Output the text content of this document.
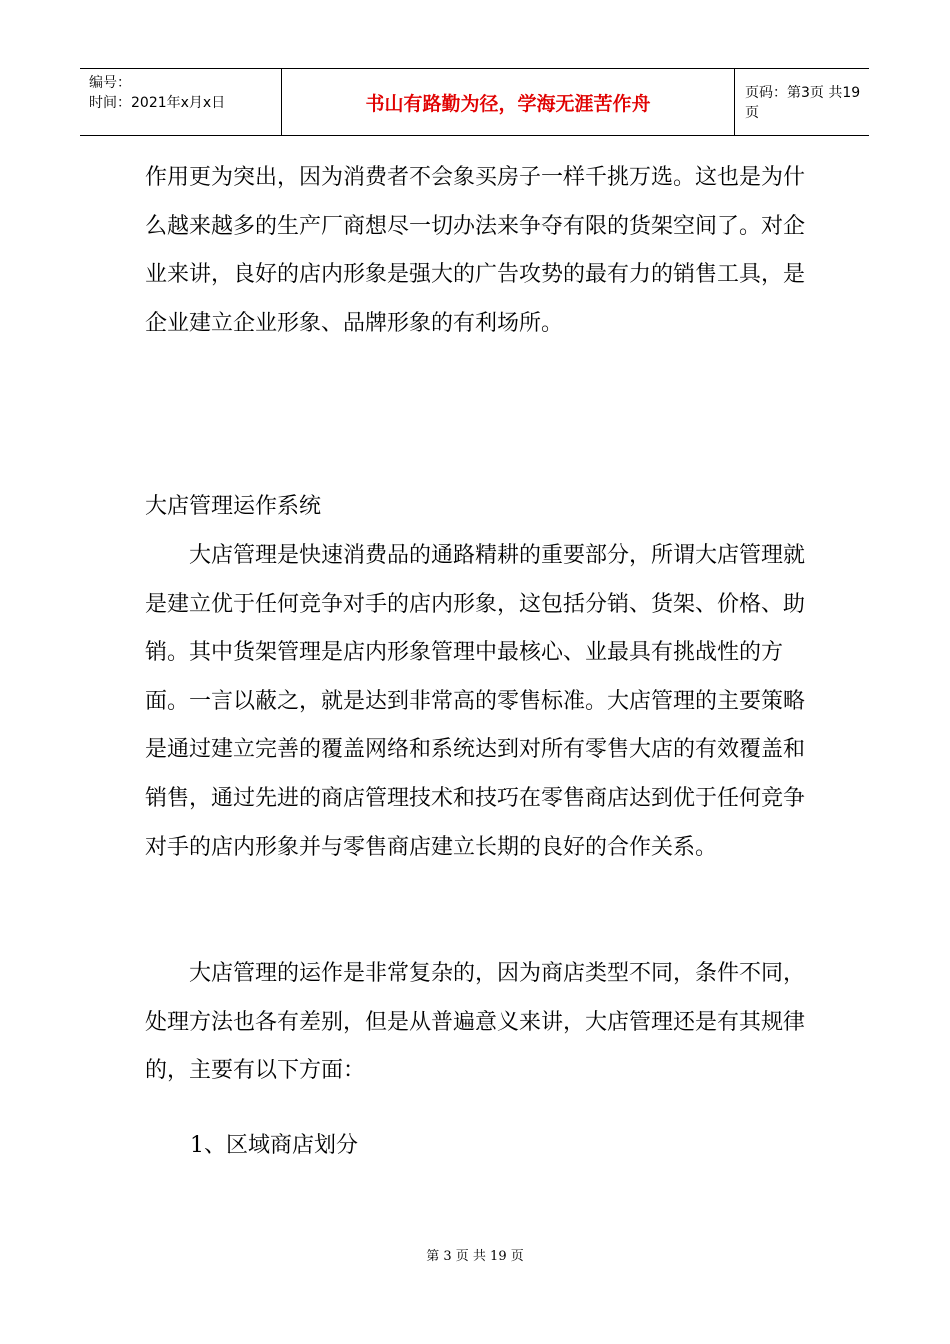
编号：
时间：2021年x月x日	书山有路勤为径，学海无涯苦作舟	页码：第3页 共19页

作用更为突出，因为消费者不会象买房子一样千挑万选。这也是为什么越来越多的生产厂商想尽一切办法来争夺有限的货架空间了。对企业来讲，良好的店内形象是强大的广告攻势的最有力的销售工具，是企业建立企业形象、品牌形象的有利场所。

大店管理运作系统

大店管理是快速消费品的通路精耕的重要部分，所谓大店管理就是建立优于任何竞争对手的店内形象，这包括分销、货架、价格、助销。其中货架管理是店内形象管理中最核心、业最具有挑战性的方面。一言以蔽之，就是达到非常高的零售标准。大店管理的主要策略是通过建立完善的覆盖网络和系统达到对所有零售大店的有效覆盖和销售，通过先进的商店管理技术和技巧在零售商店达到优于任何竞争对手的店内形象并与零售商店建立长期的良好的合作关系。

大店管理的运作是非常复杂的，因为商店类型不同，条件不同，处理方法也各有差别，但是从普遍意义来讲，大店管理还是有其规律的，主要有以下方面：

1、区域商店划分
第 3 页 共 19 页
